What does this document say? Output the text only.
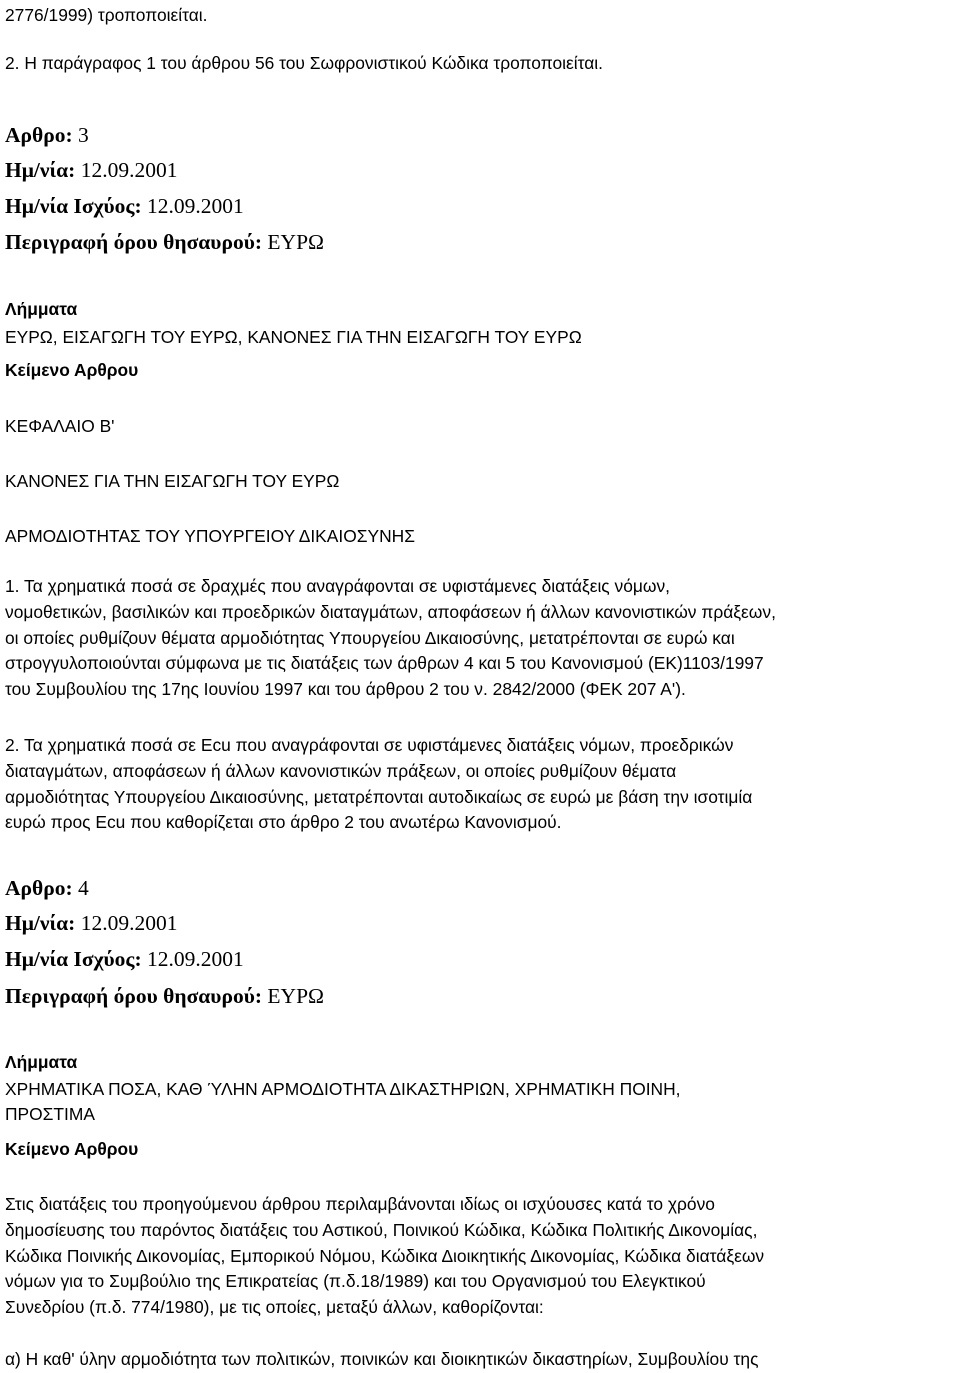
2776/1999) τροποποιείται.
2. Η παράγραφος 1 του άρθρου 56 του Σωφρονιστικού Κώδικα τροποποιείται.
Αρθρο: 3
Ημ/νία: 12.09.2001
Ημ/νία Ισχύος: 12.09.2001
Περιγραφή όρου θησαυρού: ΕΥΡΩ
Λήμματα
ΕΥΡΩ, ΕΙΣΑΓΩΓΗ ΤΟΥ ΕΥΡΩ, ΚΑΝΟΝΕΣ ΓΙΑ ΤΗΝ ΕΙΣΑΓΩΓΗ ΤΟΥ ΕΥΡΩ
Κείμενο Αρθρου
ΚΕΦΑΛΑΙΟ Β'
ΚΑΝΟΝΕΣ ΓΙΑ ΤΗΝ ΕΙΣΑΓΩΓΗ ΤΟΥ ΕΥΡΩ
ΑΡΜΟΔΙΟΤΗΤΑΣ ΤΟΥ ΥΠΟΥΡΓΕΙΟΥ ΔΙΚΑΙΟΣΥΝΗΣ
1. Τα χρηματικά ποσά σε δραχμές που αναγράφονται σε υφιστάμενες διατάξεις νόμων,
νομοθετικών, βασιλικών και προεδρικών διαταγμάτων, αποφάσεων ή άλλων κανονιστικών πράξεων,
οι οποίες ρυθμίζουν θέματα αρμοδιότητας Υπουργείου Δικαιοσύνης, μετατρέπονται σε ευρώ και
στρογγυλοποιούνται σύμφωνα με τις διατάξεις των άρθρων 4 και 5 του Κανονισμού (ΕΚ)1103/1997
του Συμβουλίου της 17ης Ιουνίου 1997 και του άρθρου 2 του ν. 2842/2000 (ΦΕΚ 207 Α').
2. Τα χρηματικά ποσά σε Ecu που αναγράφονται σε υφιστάμενες διατάξεις νόμων, προεδρικών
διαταγμάτων, αποφάσεων ή άλλων κανονιστικών πράξεων, οι οποίες ρυθμίζουν θέματα
αρμοδιότητας Υπουργείου Δικαιοσύνης, μετατρέπονται αυτοδικαίως σε ευρώ με βάση την ισοτιμία
ευρώ προς Ecu που καθορίζεται στο άρθρο 2 του ανωτέρω Κανονισμού.
Αρθρο: 4
Ημ/νία: 12.09.2001
Ημ/νία Ισχύος: 12.09.2001
Περιγραφή όρου θησαυρού: ΕΥΡΩ
Λήμματα
ΧΡΗΜΑΤΙΚΑ ΠΟΣΑ, ΚΑΘ ΎΛΗΝ ΑΡΜΟΔΙΟΤΗΤΑ ΔΙΚΑΣΤΗΡΙΩΝ, ΧΡΗΜΑΤΙΚΗ ΠΟΙΝΗ,
ΠΡΟΣΤΙΜΑ
Κείμενο Αρθρου
Στις διατάξεις του προηγούμενου άρθρου περιλαμβάνονται ιδίως οι ισχύουσες κατά το χρόνο
δημοσίευσης του παρόντος διατάξεις του Αστικού, Ποινικού Κώδικα, Κώδικα Πολιτικής Δικονομίας,
Κώδικα Ποινικής Δικονομίας, Εμπορικού Νόμου, Κώδικα Διοικητικής Δικονομίας, Κώδικα διατάξεων
νόμων για το Συμβούλιο της Επικρατείας (π.δ.18/1989) και του Οργανισμού του Ελεγκτικού
Συνεδρίου (π.δ. 774/1980), με τις οποίες, μεταξύ άλλων, καθορίζονται:
α) Η καθ' ύλην αρμοδιότητα των πολιτικών, ποινικών και διοικητικών δικαστηρίων, Συμβουλίου της
